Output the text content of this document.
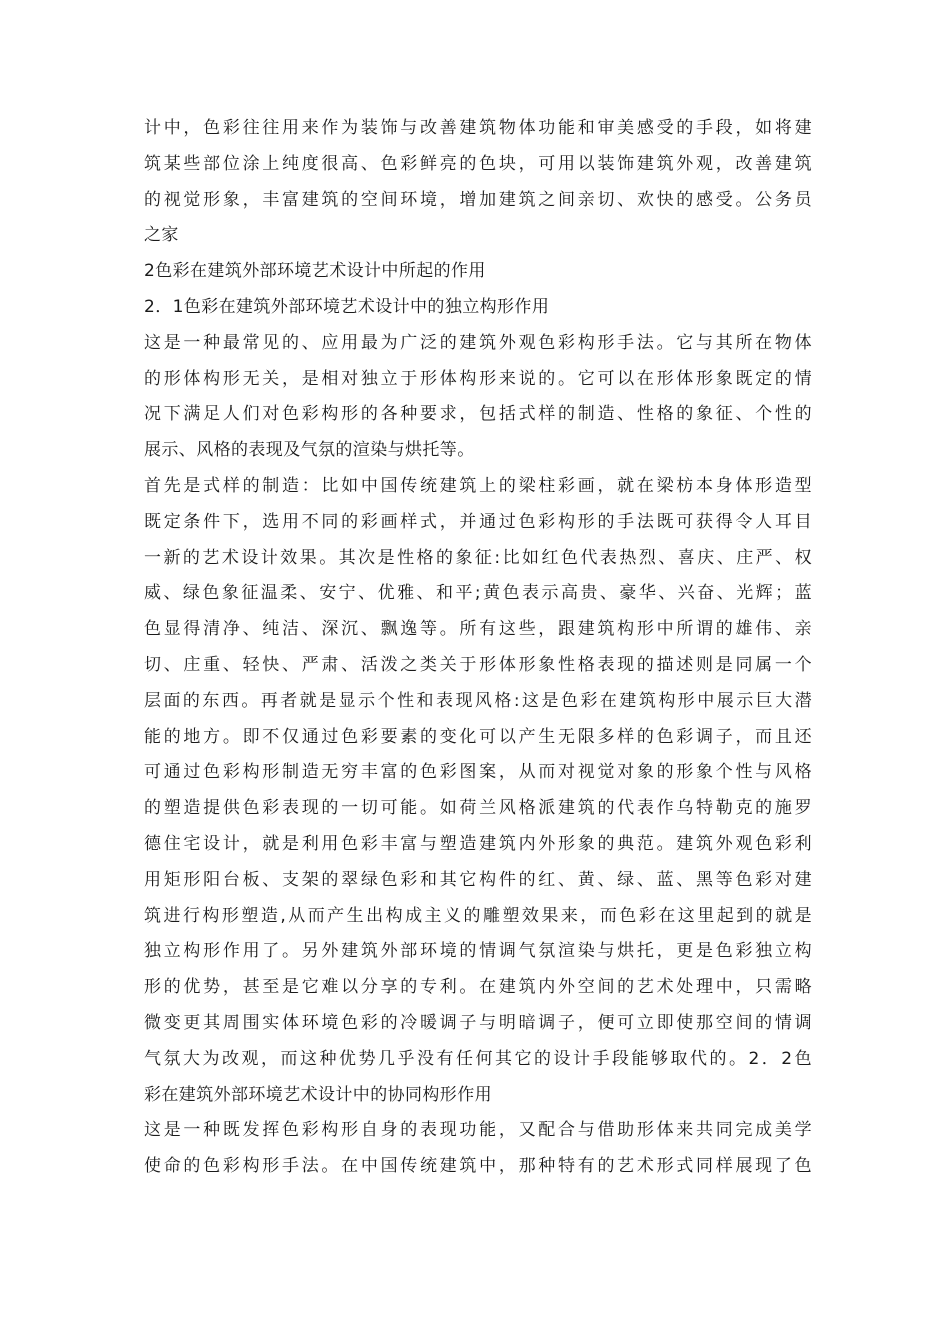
计中，色彩往往用来作为装饰与改善建筑物体功能和审美感受的手段，如将建
筑某些部位涂上纯度很高、色彩鲜亮的色块，可用以装饰建筑外观，改善建筑
的视觉形象，丰富建筑的空间环境，增加建筑之间亲切、欢快的感受。公务员
之家
2色彩在建筑外部环境艺术设计中所起的作用
2．1色彩在建筑外部环境艺术设计中的独立构形作用
这是一种最常见的、应用最为广泛的建筑外观色彩构形手法。它与其所在物体
的形体构形无关，是相对独立于形体构形来说的。它可以在形体形象既定的情
况下满足人们对色彩构形的各种要求，包括式样的制造、性格的象征、个性的
展示、风格的表现及气氛的渲染与烘托等。
首先是式样的制造：比如中国传统建筑上的梁柱彩画，就在梁枋本身体形造型
既定条件下，选用不同的彩画样式，并通过色彩构形的手法既可获得令人耳目
一新的艺术设计效果。其次是性格的象征:比如红色代表热烈、喜庆、庄严、权
威、绿色象征温柔、安宁、优雅、和平;黄色表示高贵、豪华、兴奋、光辉；蓝
色显得清净、纯洁、深沉、飘逸等。所有这些，跟建筑构形中所谓的雄伟、亲
切、庄重、轻快、严肃、活泼之类关于形体形象性格表现的描述则是同属一个
层面的东西。再者就是显示个性和表现风格:这是色彩在建筑构形中展示巨大潜
能的地方。即不仅通过色彩要素的变化可以产生无限多样的色彩调子，而且还
可通过色彩构形制造无穷丰富的色彩图案，从而对视觉对象的形象个性与风格
的塑造提供色彩表现的一切可能。如荷兰风格派建筑的代表作乌特勒克的施罗
德住宅设计，就是利用色彩丰富与塑造建筑内外形象的典范。建筑外观色彩利
用矩形阳台板、支架的翠绿色彩和其它构件的红、黄、绿、蓝、黑等色彩对建
筑进行构形塑造,从而产生出构成主义的雕塑效果来，而色彩在这里起到的就是
独立构形作用了。另外建筑外部环境的情调气氛渲染与烘托，更是色彩独立构
形的优势，甚至是它难以分享的专利。在建筑内外空间的艺术处理中，只需略
微变更其周围实体环境色彩的冷暖调子与明暗调子，便可立即使那空间的情调
气氛大为改观，而这种优势几乎没有任何其它的设计手段能够取代的。2．2色
彩在建筑外部环境艺术设计中的协同构形作用
这是一种既发挥色彩构形自身的表现功能，又配合与借助形体来共同完成美学
使命的色彩构形手法。在中国传统建筑中，那种特有的艺术形式同样展现了色
